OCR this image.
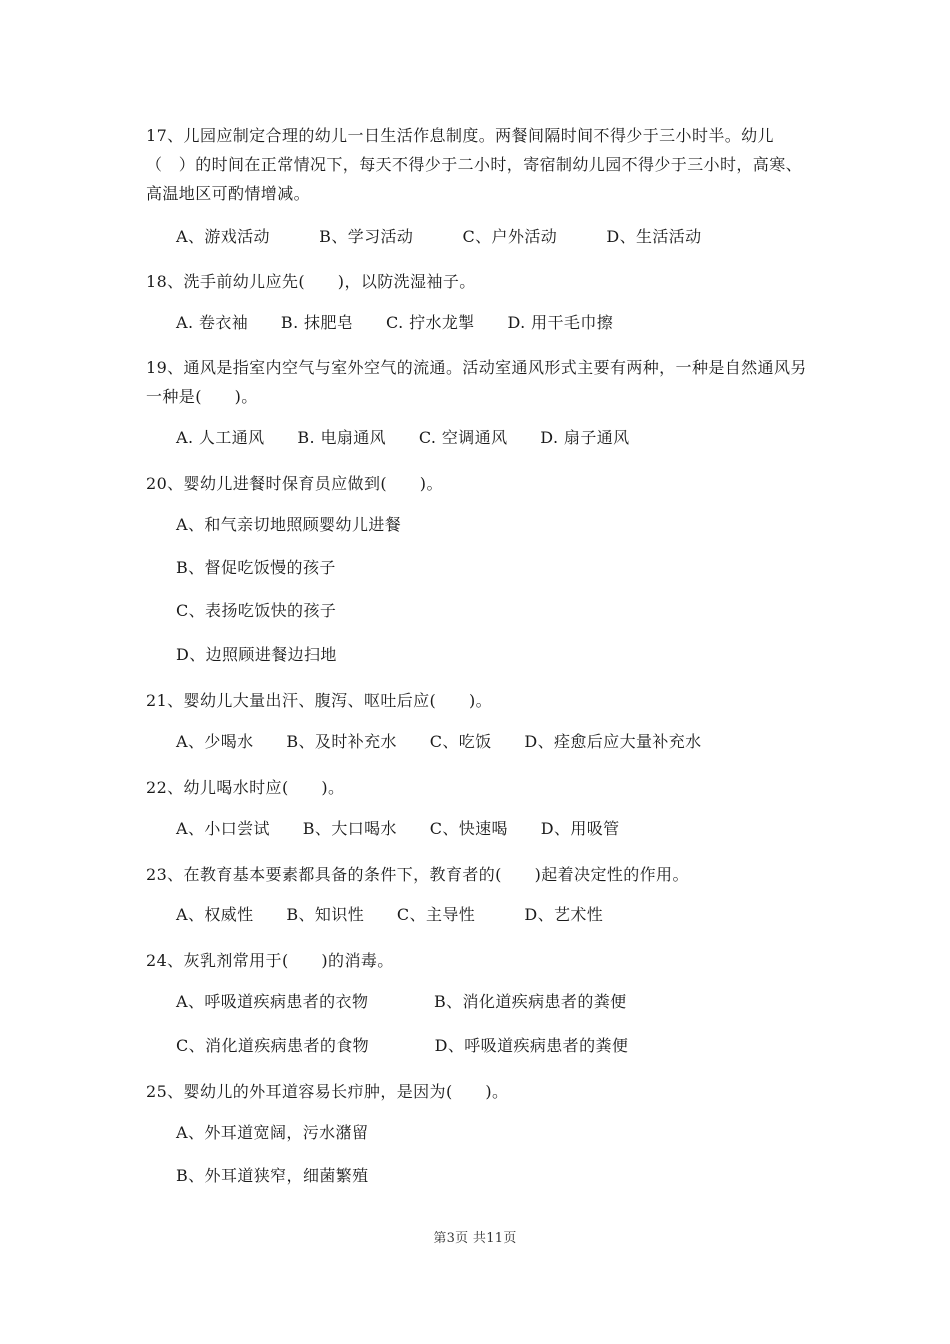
17、儿园应制定合理的幼儿一日生活作息制度。两餐间隔时间不得少于三小时半。幼儿（　）的时间在正常情况下，每天不得少于二小时，寄宿制幼儿园不得少于三小时，高寒、高温地区可酌情增减。

A、游戏活动　　　B、学习活动　　　C、户外活动　　　D、生活活动

18、洗手前幼儿应先(　　)，以防洗湿袖子。

A. 卷衣袖　　B. 抹肥皂　　C. 拧水龙掣　　D. 用干毛巾擦

19、通风是指室内空气与室外空气的流通。活动室通风形式主要有两种，一种是自然通风另一种是(　　)。

A. 人工通风　　B. 电扇通风　　C. 空调通风　　D. 扇子通风

20、婴幼儿进餐时保育员应做到(　　)。

A、和气亲切地照顾婴幼儿进餐

B、督促吃饭慢的孩子

C、表扬吃饭快的孩子

D、边照顾进餐边扫地

21、婴幼儿大量出汗、腹泻、呕吐后应(　　)。

A、少喝水　　B、及时补充水　　C、吃饭　　D、痊愈后应大量补充水

22、幼儿喝水时应(　　)。

A、小口尝试　　B、大口喝水　　C、快速喝　　D、用吸管

23、在教育基本要素都具备的条件下，教育者的(　　)起着决定性的作用。

A、权威性　　B、知识性　　C、主导性　　　D、艺术性

24、灰乳剂常用于(　　)的消毒。

A、呼吸道疾病患者的衣物　　　　B、消化道疾病患者的粪便

C、消化道疾病患者的食物　　　　D、呼吸道疾病患者的粪便

25、婴幼儿的外耳道容易长疖肿，是因为(　　)。

A、外耳道宽阔，污水潴留

B、外耳道狭窄，细菌繁殖

第3页 共11页
